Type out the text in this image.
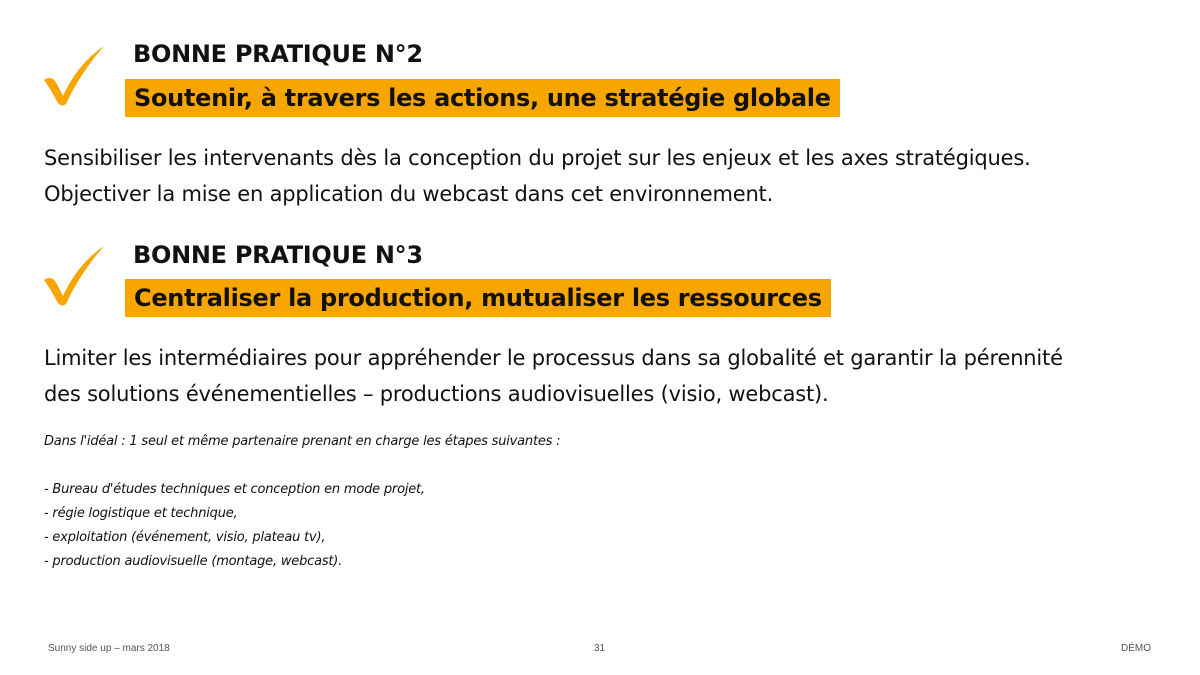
BONNE PRATIQUE N°2
Soutenir, à travers les actions, une stratégie globale
Sensibiliser les intervenants dès la conception du projet sur les enjeux et les axes stratégiques.
Objectiver la mise en application du webcast dans cet environnement.
BONNE PRATIQUE N°3
Centraliser la production, mutualiser les ressources
Limiter les intermédiaires pour appréhender le processus dans sa globalité et garantir la pérennité
des solutions événementielles – productions audiovisuelles (visio, webcast).
Dans l'idéal : 1 seul et même partenaire prenant en charge les étapes suivantes :
- Bureau d'études techniques et conception en mode projet,
- régie logistique et technique,
- exploitation (événement, visio, plateau tv),
- production audiovisuelle (montage, webcast).
Sunny side up – mars 2018	31	DÉMO
